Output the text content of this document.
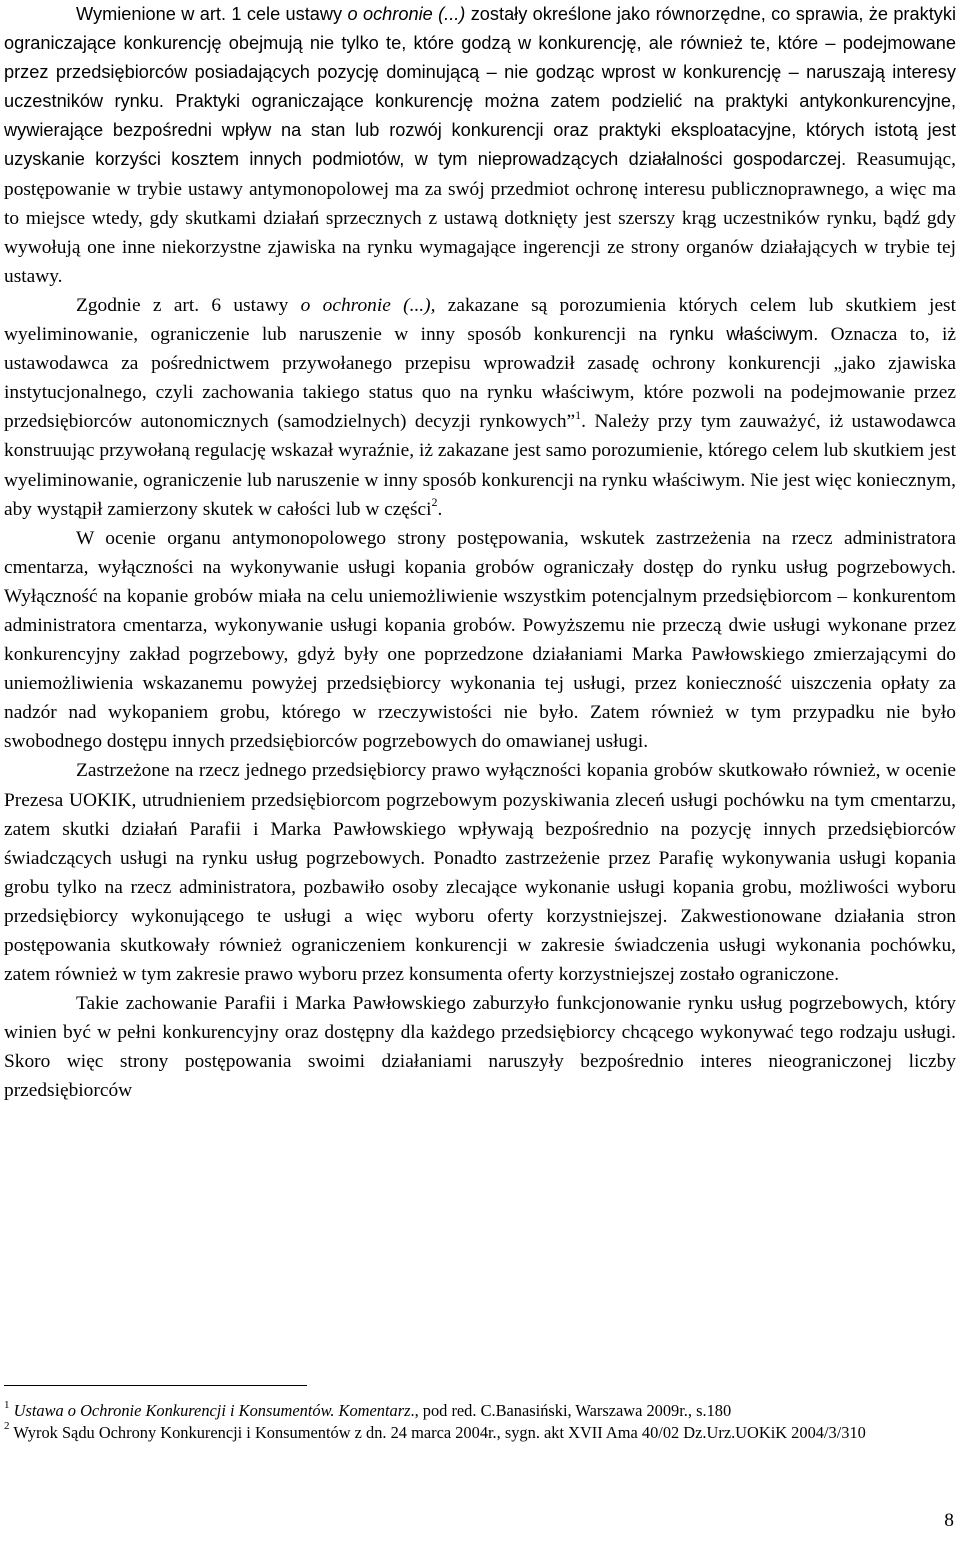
Wymienione w art. 1 cele ustawy o ochronie (...) zostały określone jako równorzędne, co sprawia, że praktyki ograniczające konkurencję obejmują nie tylko te, które godzą w konkurencję, ale również te, które – podejmowane przez przedsiębiorców posiadających pozycję dominującą – nie godząc wprost w konkurencję – naruszają interesy uczestników rynku. Praktyki ograniczające konkurencję można zatem podzielić na praktyki antykonkurencyjne, wywierające bezpośredni wpływ na stan lub rozwój konkurencji oraz praktyki eksploatacyjne, których istotą jest uzyskanie korzyści kosztem innych podmiotów, w tym nieprowadzących działalności gospodarczej. Reasumując, postępowanie w trybie ustawy antymonopolowej ma za swój przedmiot ochronę interesu publicznoprawnego, a więc ma to miejsce wtedy, gdy skutkami działań sprzecznych z ustawą dotknięty jest szerszy krąg uczestników rynku, bądź gdy wywołują one inne niekorzystne zjawiska na rynku wymagające ingerencji ze strony organów działających w trybie tej ustawy.

Zgodnie z art. 6 ustawy o ochronie (...), zakazane są porozumienia których celem lub skutkiem jest wyeliminowanie, ograniczenie lub naruszenie w inny sposób konkurencji na rynku właściwym. Oznacza to, iż ustawodawca za pośrednictwem przywołanego przepisu wprowadził zasadę ochrony konkurencji „jako zjawiska instytucjonalnego, czyli zachowania takiego status quo na rynku właściwym, które pozwoli na podejmowanie przez przedsiębiorców autonomicznych (samodzielnych) decyzji rynkowych”$^1$. Należy przy tym zauważyć, iż ustawodawca konstruując przywołaną regulację wskazał wyraźnie, iż zakazane jest samo porozumienie, którego celem lub skutkiem jest wyeliminowanie, ograniczenie lub naruszenie w inny sposób konkurencji na rynku właściwym. Nie jest więc koniecznym, aby wystąpił zamierzony skutek w całości lub w części$^2$.

W ocenie organu antymonopolowego strony postępowania, wskutek zastrzeżenia na rzecz administratora cmentarza, wyłączności na wykonywanie usługi kopania grobów ograniczały dostęp do rynku usług pogrzebowych. Wyłączność na kopanie grobów miała na celu uniemożliwienie wszystkim potencjalnym przedsiębiorcom – konkurentom administratora cmentarza, wykonywanie usługi kopania grobów. Powyższemu nie przeczą dwie usługi wykonane przez konkurencyjny zakład pogrzebowy, gdyż były one poprzedzone działaniami Marka Pawłowskiego zmierzającymi do uniemożliwienia wskazanemu powyżej przedsiębiorcy wykonania tej usługi, przez konieczność uiszczenia opłaty za nadzór nad wykopaniem grobu, którego w rzeczywistości nie było. Zatem również w tym przypadku nie było swobodnego dostępu innych przedsiębiorców pogrzebowych do omawianej usługi.

Zastrzeżone na rzecz jednego przedsiębiorcy prawo wyłączności kopania grobów skutkowało również, w ocenie Prezesa UOKIK, utrudnieniem przedsiębiorcom pogrzebowym pozyskiwania zleceń usługi pochówku na tym cmentarzu, zatem skutki działań Parafii i Marka Pawłowskiego wpływają bezpośrednio na pozycję innych przedsiębiorców świadczących usługi na rynku usług pogrzebowych. Ponadto zastrzeżenie przez Parafię wykonywania usługi kopania grobu tylko na rzecz administratora, pozbawiło osoby zlecające wykonanie usługi kopania grobu, możliwości wyboru przedsiębiorcy wykonującego te usługi a więc wyboru oferty korzystniejszej. Zakwestionowane działania stron postępowania skutkowały również ograniczeniem konkurencji w zakresie świadczenia usługi wykonania pochówku, zatem również w tym zakresie prawo wyboru przez konsumenta oferty korzystniejszej zostało ograniczone.

Takie zachowanie Parafii i Marka Pawłowskiego zaburzyło funkcjonowanie rynku usług pogrzebowych, który winien być w pełni konkurencyjny oraz dostępny dla każdego przedsiębiorcy chcącego wykonywać tego rodzaju usługi. Skoro więc strony postępowania swoimi działaniami naruszyły bezpośrednio interes nieograniczonej liczby przedsiębiorców

$^1$ Ustawa o Ochronie Konkurencji i Konsumentów. Komentarz., pod red. C.Banasiński, Warszawa 2009r., s.180

$^2$ Wyrok Sądu Ochrony Konkurencji i Konsumentów z dn. 24 marca 2004r., sygn. akt XVII Ama 40/02 Dz.Urz.UOKiK 2004/3/310

8
